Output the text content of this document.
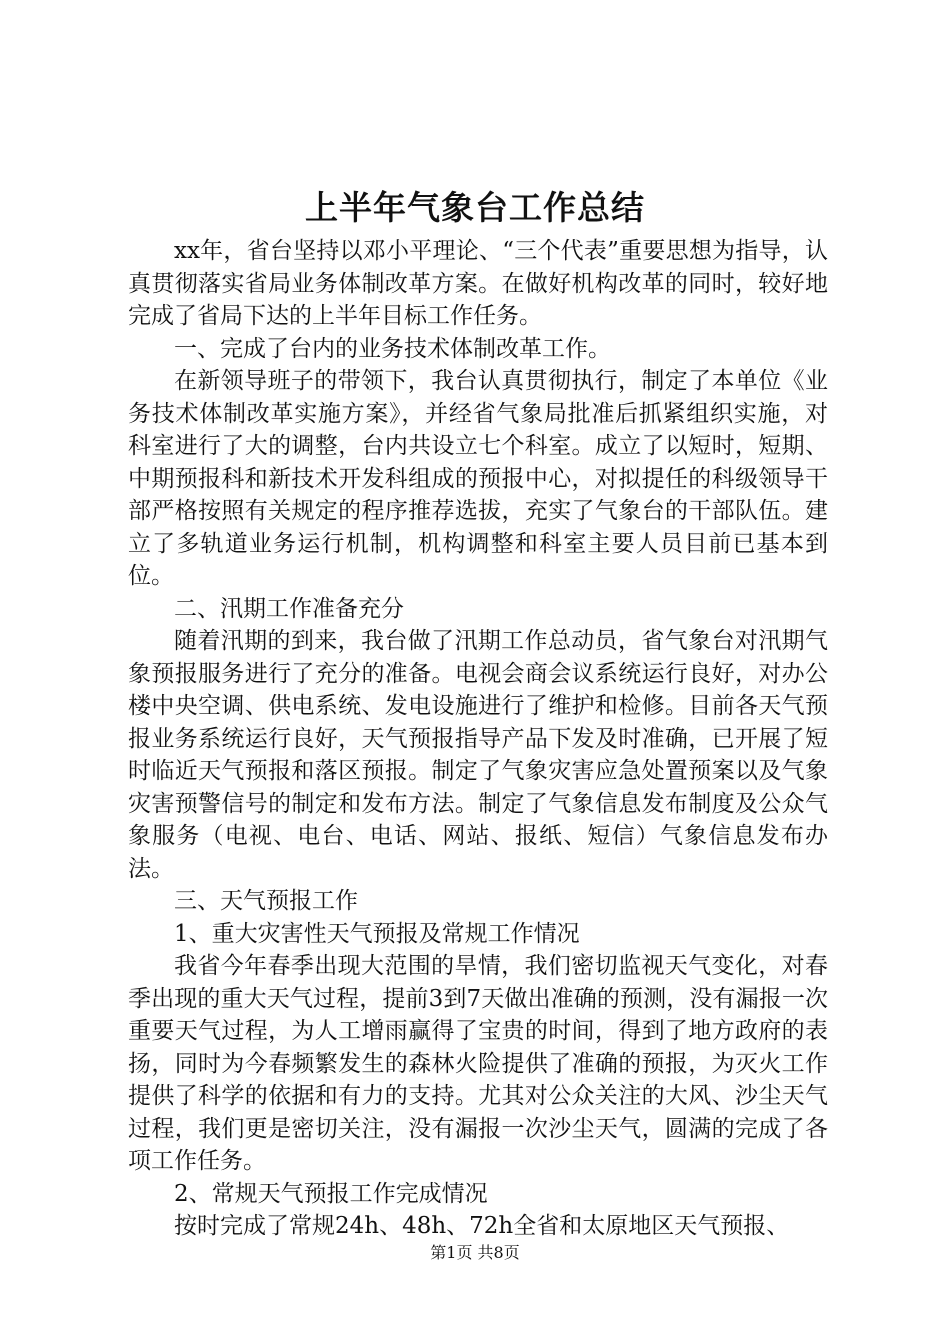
上半年气象台工作总结

xx年，省台坚持以邓小平理论、“三个代表”重要思想为指导，认真贯彻落实省局业务体制改革方案。在做好机构改革的同时，较好地完成了省局下达的上半年目标工作任务。

一、完成了台内的业务技术体制改革工作。

在新领导班子的带领下，我台认真贯彻执行，制定了本单位《业务技术体制改革实施方案》，并经省气象局批准后抓紧组织实施，对科室进行了大的调整，台内共设立七个科室。成立了以短时，短期、中期预报科和新技术开发科组成的预报中心，对拟提任的科级领导干部严格按照有关规定的程序推荐选拔，充实了气象台的干部队伍。建立了多轨道业务运行机制，机构调整和科室主要人员目前已基本到位。

二、汛期工作准备充分

随着汛期的到来，我台做了汛期工作总动员，省气象台对汛期气象预报服务进行了充分的准备。电视会商会议系统运行良好，对办公楼中央空调、供电系统、发电设施进行了维护和检修。目前各天气预报业务系统运行良好，天气预报指导产品下发及时准确，已开展了短时临近天气预报和落区预报。制定了气象灾害应急处置预案以及气象灾害预警信号的制定和发布方法。制定了气象信息发布制度及公众气象服务（电视、电台、电话、网站、报纸、短信）气象信息发布办法。

三、天气预报工作

1、重大灾害性天气预报及常规工作情况

我省今年春季出现大范围的旱情，我们密切监视天气变化，对春季出现的重大天气过程，提前3到7天做出准确的预测，没有漏报一次重要天气过程，为人工增雨赢得了宝贵的时间，得到了地方政府的表扬，同时为今春频繁发生的森林火险提供了准确的预报，为灭火工作提供了科学的依据和有力的支持。尤其对公众关注的大风、沙尘天气过程，我们更是密切关注，没有漏报一次沙尘天气，圆满的完成了各项工作任务。

2、常规天气预报工作完成情况

按时完成了常规24h、48h、72h全省和太原地区天气预报、

第1页 共8页
